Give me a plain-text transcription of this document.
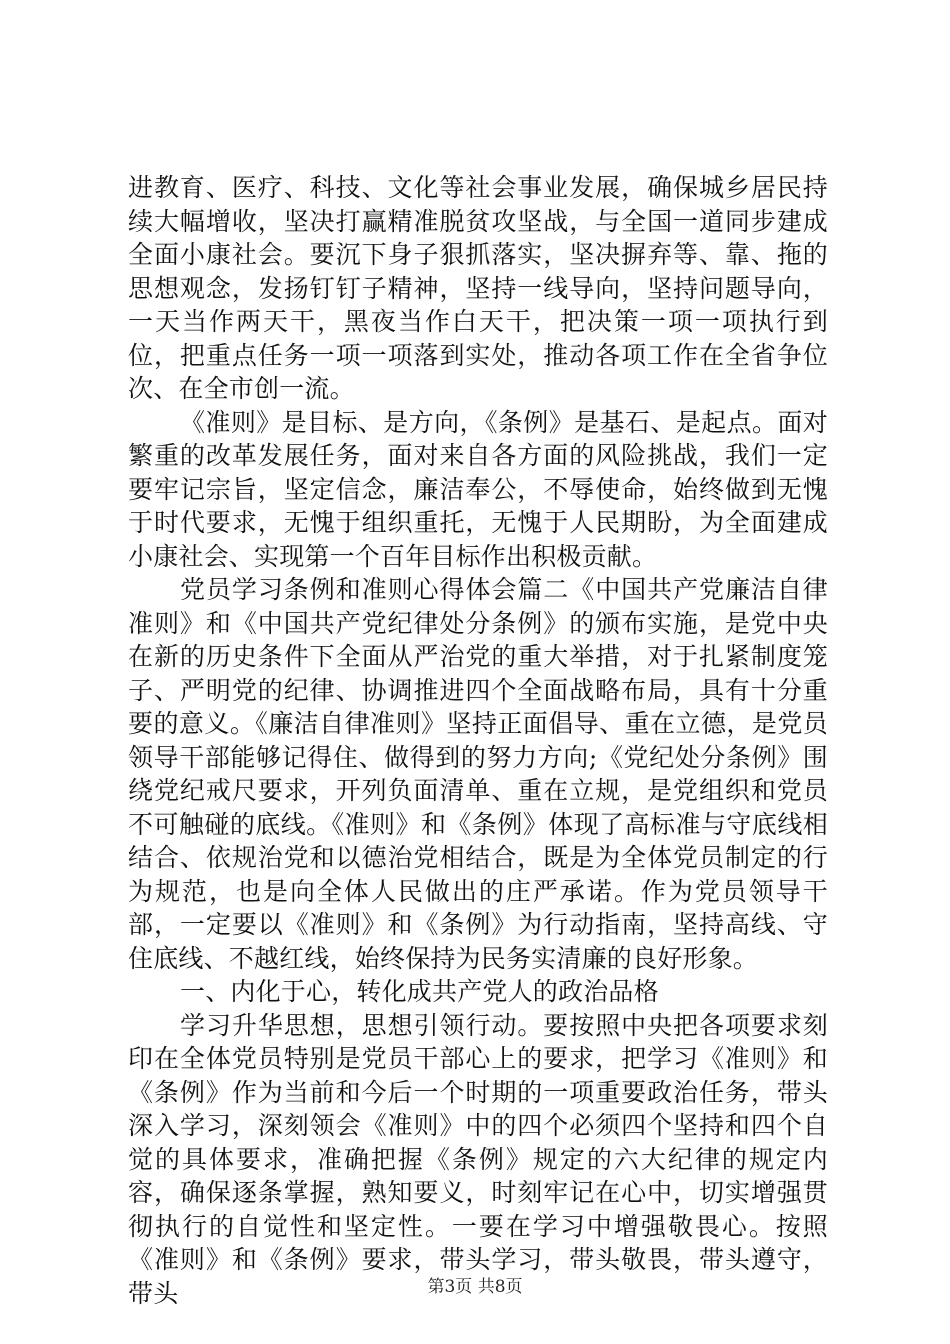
进教育、医疗、科技、文化等社会事业发展，确保城乡居民持续大幅增收，坚决打赢精准脱贫攻坚战，与全国一道同步建成全面小康社会。要沉下身子狠抓落实，坚决摒弃等、靠、拖的思想观念，发扬钉钉子精神，坚持一线导向，坚持问题导向，一天当作两天干，黑夜当作白天干，把决策一项一项执行到位，把重点任务一项一项落到实处，推动各项工作在全省争位次、在全市创一流。

《准则》是目标、是方向，《条例》是基石、是起点。面对繁重的改革发展任务，面对来自各方面的风险挑战，我们一定要牢记宗旨，坚定信念，廉洁奉公，不辱使命，始终做到无愧于时代要求，无愧于组织重托，无愧于人民期盼，为全面建成小康社会、实现第一个百年目标作出积极贡献。

党员学习条例和准则心得体会篇二《中国共产党廉洁自律准则》和《中国共产党纪律处分条例》的颁布实施，是党中央在新的历史条件下全面从严治党的重大举措，对于扎紧制度笼子、严明党的纪律、协调推进四个全面战略布局，具有十分重要的意义。《廉洁自律准则》坚持正面倡导、重在立德，是党员领导干部能够记得住、做得到的努力方向;《党纪处分条例》围绕党纪戒尺要求，开列负面清单、重在立规，是党组织和党员不可触碰的底线。《准则》和《条例》体现了高标准与守底线相结合、依规治党和以德治党相结合，既是为全体党员制定的行为规范，也是向全体人民做出的庄严承诺。作为党员领导干部，一定要以《准则》和《条例》为行动指南，坚持高线、守住底线、不越红线，始终保持为民务实清廉的良好形象。

一、内化于心，转化成共产党人的政治品格

学习升华思想，思想引领行动。要按照中央把各项要求刻印在全体党员特别是党员干部心上的要求，把学习《准则》和《条例》作为当前和今后一个时期的一项重要政治任务，带头深入学习，深刻领会《准则》中的四个必须四个坚持和四个自觉的具体要求，准确把握《条例》规定的六大纪律的规定内容，确保逐条掌握，熟知要义，时刻牢记在心中，切实增强贯彻执行的自觉性和坚定性。一要在学习中增强敬畏心。按照《准则》和《条例》要求，带头学习，带头敬畏，带头遵守，带头	第3页 共8页
